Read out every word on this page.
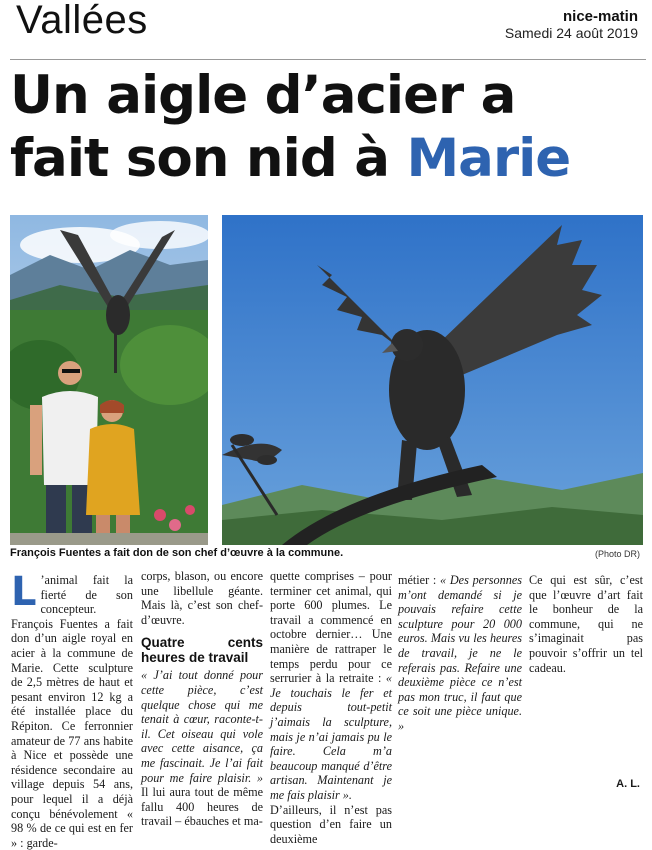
Vallées	nice-matin
Samedi 24 août 2019
Un aigle d’acier a
fait son nid à Marie
François Fuentes a fait don de son chef d’œuvre à la commune.	(Photo DR)

L ’animal fait la fierté de son concepteur. François Fuentes a fait don d’un aigle royal en acier à la commune de Marie. Cette sculpture de 2,5 mètres de haut et pesant environ 12 kg a été installée place du Répiton. Ce ferronnier amateur de 77 ans habite à Nice et possède une résidence secondaire au village depuis 54 ans, pour lequel il a déjà conçu bénévolement « 98 % de ce qui est en fer » : garde-

corps, blason, ou encore une libellule géante. Mais là, c’est son chef-d’œuvre.

Quatre cents heures de travail

« J’ai tout donné pour cette pièce, c’est quelque chose qui me tenait à cœur, raconte-t-il. Cet oiseau qui vole avec cette aisance, ça me fascinait. Je l’ai fait pour me faire plaisir. » Il lui aura tout de même fallu 400 heures de travail – ébauches et ma-

quette comprises – pour terminer cet animal, qui porte 600 plumes. Le travail a commencé en octobre dernier… Une manière de rattraper le temps perdu pour ce serrurier à la retraite : « Je touchais le fer et depuis tout-petit j’aimais la sculpture, mais je n’ai jamais pu le faire. Cela m’a beaucoup manqué d’être artisan. Maintenant je me fais plaisir ».

D’ailleurs, il n’est pas question d’en faire un deuxième

métier : « Des personnes m’ont demandé si je pouvais refaire cette sculpture pour 20 000 euros. Mais vu les heures de travail, je ne le referais pas. Refaire une deuxième pièce ce n’est pas mon truc, il faut que ce soit une pièce unique. »

Ce qui est sûr, c’est que l’œuvre d’art fait le bonheur de la commune, qui ne s’imaginait pas pouvoir s’offrir un tel cadeau.

A. L.
